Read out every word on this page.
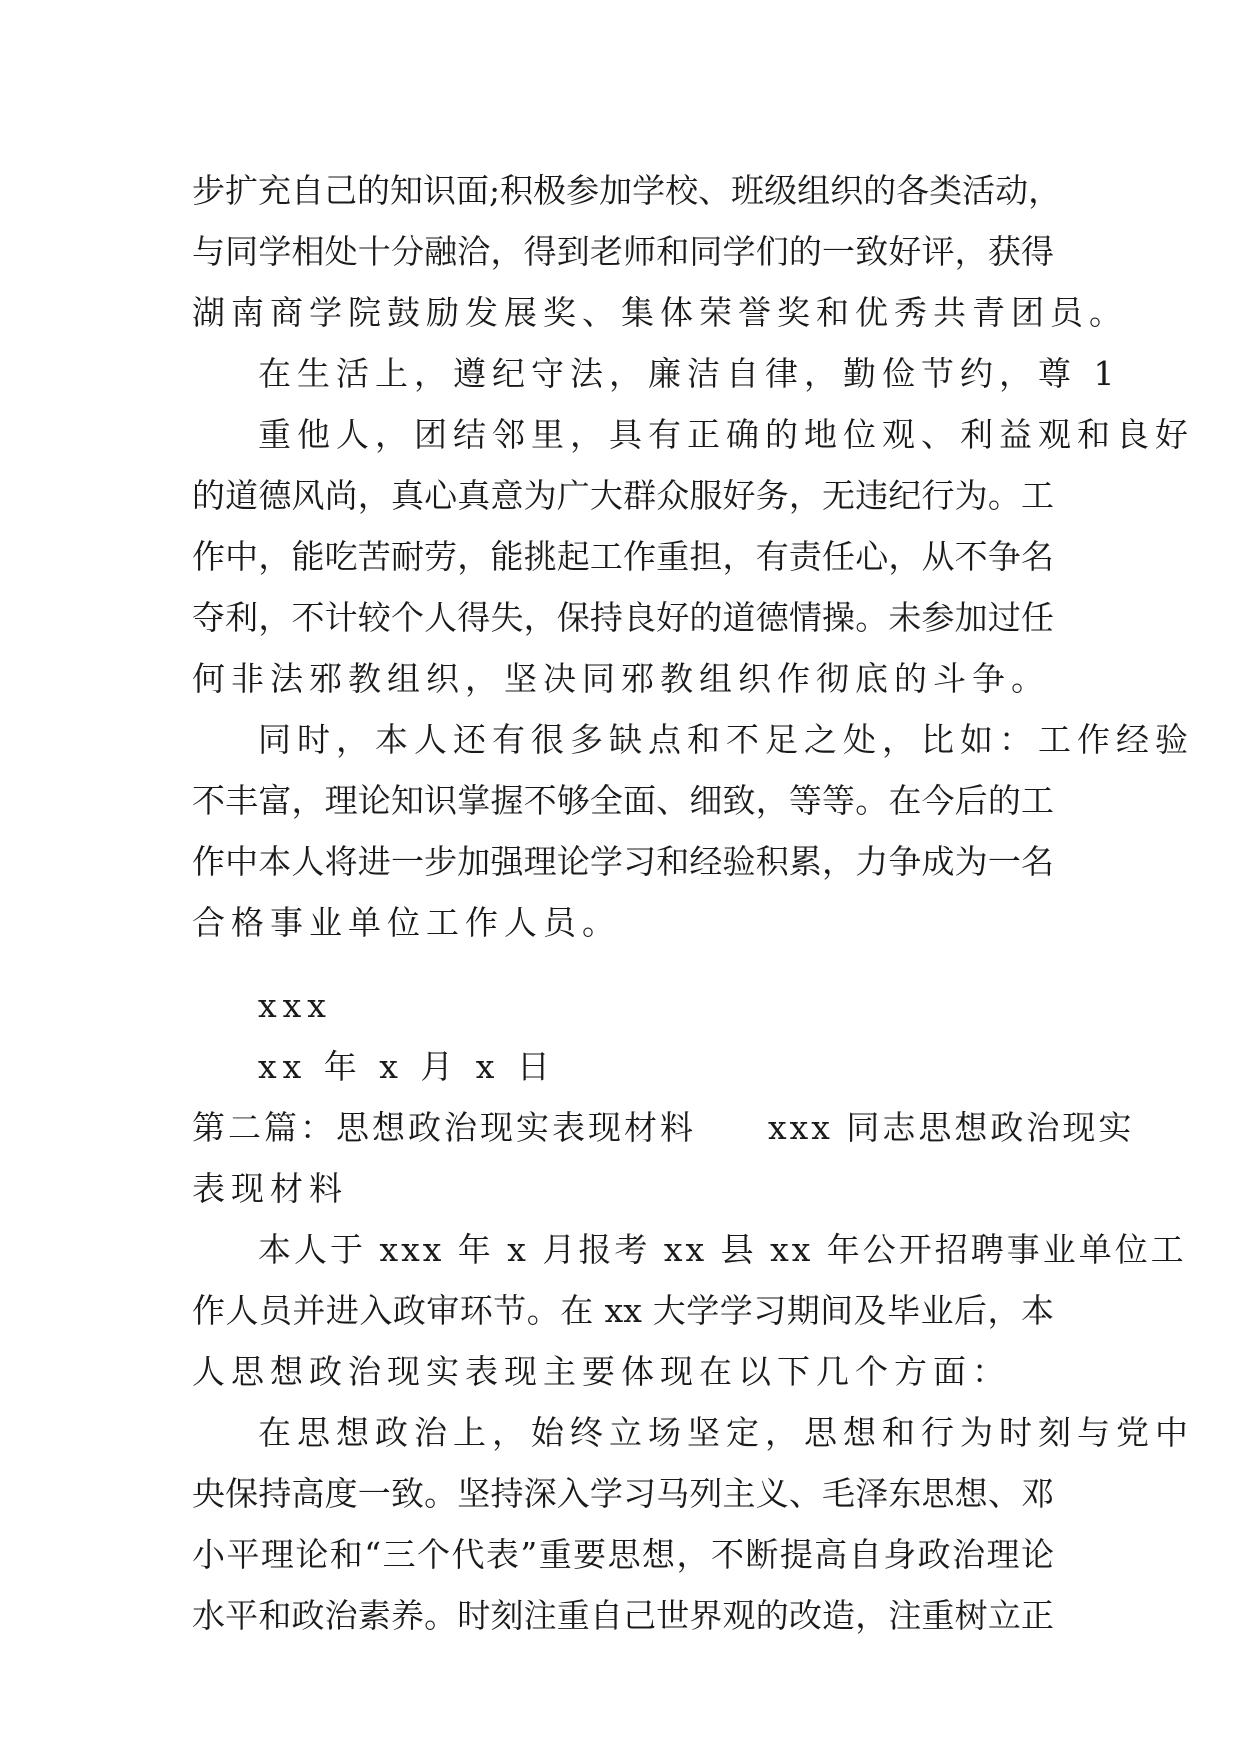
步扩充自己的知识面;积极参加学校、班级组织的各类活动，
与同学相处十分融洽，得到老师和同学们的一致好评，获得
湖南商学院鼓励发展奖、集体荣誉奖和优秀共青团员。
在生活上，遵纪守法，廉洁自律，勤俭节约，尊 1
重他人，团结邻里，具有正确的地位观、利益观和良好
的道德风尚，真心真意为广大群众服好务，无违纪行为。工
作中，能吃苦耐劳，能挑起工作重担，有责任心，从不争名
夺利，不计较个人得失，保持良好的道德情操。未参加过任
何非法邪教组织，坚决同邪教组织作彻底的斗争。
同时，本人还有很多缺点和不足之处，比如：工作经验
不丰富，理论知识掌握不够全面、细致，等等。在今后的工
作中本人将进一步加强理论学习和经验积累，力争成为一名
合格事业单位工作人员。
xxx
xx 年 x 月 x 日
第二篇：思想政治现实表现材料　　xxx 同志思想政治现实
表现材料
本人于 xxx 年 x 月报考 xx 县 xx 年公开招聘事业单位工
作人员并进入政审环节。在 xx 大学学习期间及毕业后，本
人思想政治现实表现主要体现在以下几个方面：
在思想政治上，始终立场坚定，思想和行为时刻与党中
央保持高度一致。坚持深入学习马列主义、毛泽东思想、邓
小平理论和“三个代表”重要思想，不断提高自身政治理论
水平和政治素养。时刻注重自己世界观的改造，注重树立正
